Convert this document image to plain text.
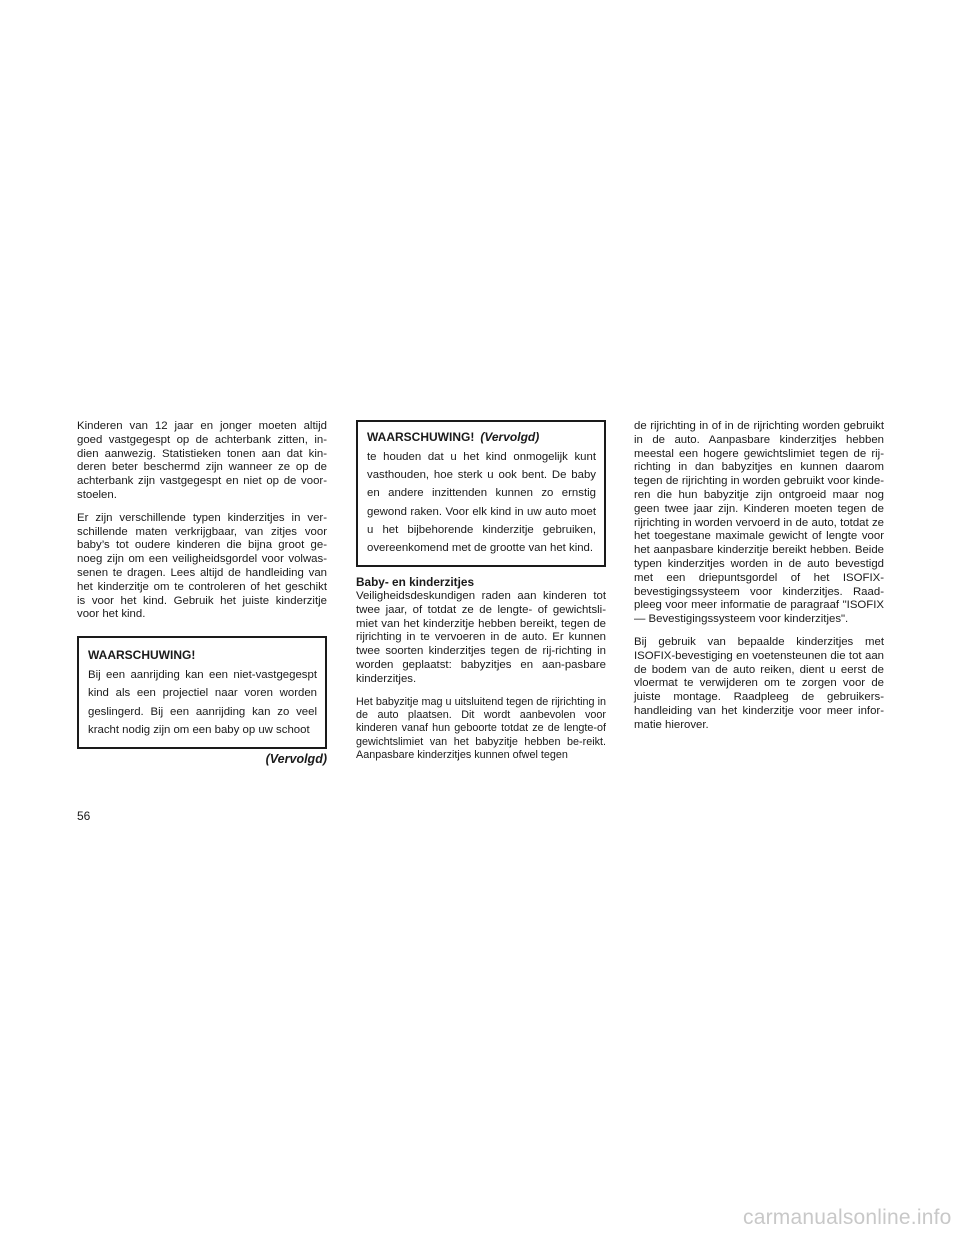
Kinderen van 12 jaar en jonger moeten altijd goed vastgegespt op de achterbank zitten, in-dien aanwezig. Statistieken tonen aan dat kin-deren beter beschermd zijn wanneer ze op de achterbank zijn vastgegespt en niet op de voor-stoelen.

Er zijn verschillende typen kinderzitjes in ver-schillende maten verkrijgbaar, van zitjes voor baby’s tot oudere kinderen die bijna groot ge-noeg zijn om een veiligheidsgordel voor volwas-senen te dragen. Lees altijd de handleiding van het kinderzitje om te controleren of het geschikt is voor het kind. Gebruik het juiste kinderzitje voor het kind.

WAARSCHUWING!
Bij een aanrijding kan een niet-vastgegespt kind als een projectiel naar voren worden geslingerd. Bij een aanrijding kan zo veel kracht nodig zijn om een baby op uw schoot
(Vervolgd)
WAARSCHUWING! (Vervolgd)
te houden dat u het kind onmogelijk kunt vasthouden, hoe sterk u ook bent. De baby en andere inzittenden kunnen zo ernstig gewond raken. Voor elk kind in uw auto moet u het bijbehorende kinderzitje gebruiken, overeenkomend met de grootte van het kind.
Baby- en kinderzitjes

Veiligheidsdeskundigen raden aan kinderen tot twee jaar, of totdat ze de lengte- of gewichtsli-miet van het kinderzitje hebben bereikt, tegen de rijrichting in te vervoeren in de auto. Er kunnen twee soorten kinderzitjes tegen de rij-richting in worden geplaatst: babyzitjes en aan-pasbare kinderzitjes.

Het babyzitje mag u uitsluitend tegen de rijrichting in de auto plaatsen. Dit wordt aanbevolen voor kinderen vanaf hun geboorte totdat ze de lengte-of gewichtslimiet van het babyzitje hebben be-reikt. Aanpasbare kinderzitjes kunnen ofwel tegen

de rijrichting in of in de rijrichting worden gebruikt in de auto. Aanpasbare kinderzitjes hebben meestal een hogere gewichtslimiet tegen de rij-richting in dan babyzitjes en kunnen daarom tegen de rijrichting in worden gebruikt voor kinde-ren die hun babyzitje zijn ontgroeid maar nog geen twee jaar zijn. Kinderen moeten tegen de rijrichting in worden vervoerd in de auto, totdat ze het toegestane maximale gewicht of lengte voor het aanpasbare kinderzitje bereikt hebben. Beide typen kinderzitjes worden in de auto bevestigd met een driepuntsgordel of het ISOFIX-bevestigingssysteem voor kinderzitjes. Raad-pleeg voor meer informatie de paragraaf "ISOFIX — Bevestigingssysteem voor kinderzitjes".

Bij gebruik van bepaalde kinderzitjes met ISOFIX-bevestiging en voetensteunen die tot aan de bodem van de auto reiken, dient u eerst de vloermat te verwijderen om te zorgen voor de juiste montage. Raadpleeg de gebruikers-handleiding van het kinderzitje voor meer infor-matie hierover.

56
carmanualsonline.info
